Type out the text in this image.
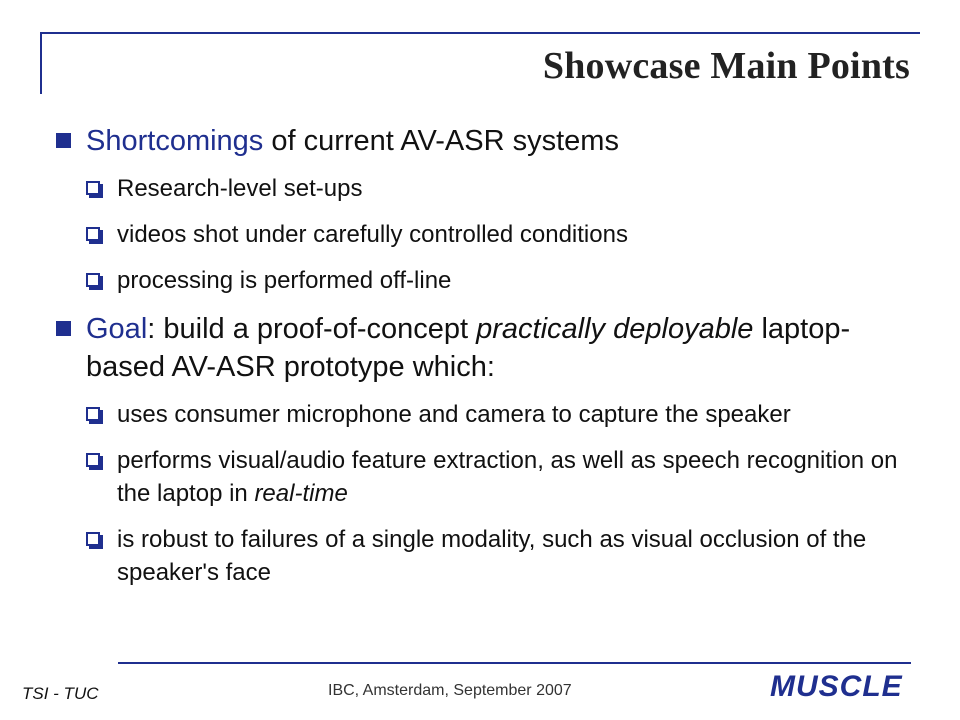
Showcase Main Points
Shortcomings of current AV-ASR systems
Research-level set-ups
videos shot under carefully controlled conditions
processing is performed off-line
Goal: build a proof-of-concept practically deployable laptop-based AV-ASR prototype which:
uses consumer microphone and camera to capture the speaker
performs visual/audio feature extraction, as well as speech recognition on the laptop in real-time
is robust to failures of a single modality, such as visual occlusion of the speaker's face
TSI - TUC	IBC, Amsterdam, September 2007	MUSCLE
